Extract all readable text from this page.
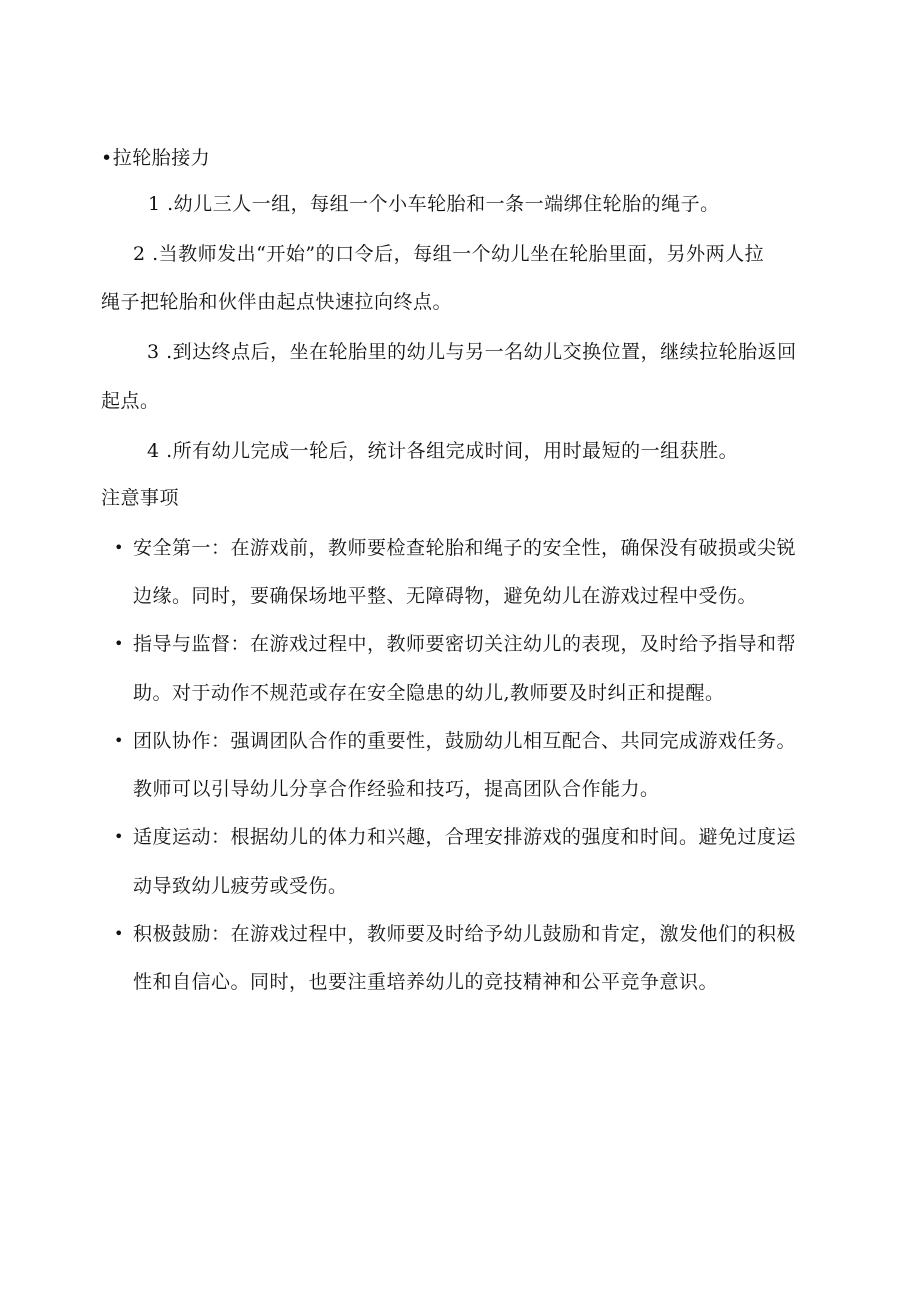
•拉轮胎接力
1 .幼儿三人一组，每组一个小车轮胎和一条一端绑住轮胎的绳子。
2 .当教师发出“开始”的口令后，每组一个幼儿坐在轮胎里面，另外两人拉
绳子把轮胎和伙伴由起点快速拉向终点。
3 .到达终点后，坐在轮胎里的幼儿与另一名幼儿交换位置，继续拉轮胎返回
起点。
4 .所有幼儿完成一轮后，统计各组完成时间，用时最短的一组获胜。
注意事项
• 安全第一：在游戏前，教师要检查轮胎和绳子的安全性，确保没有破损或尖锐
边缘。同时，要确保场地平整、无障碍物，避免幼儿在游戏过程中受伤。
• 指导与监督：在游戏过程中，教师要密切关注幼儿的表现，及时给予指导和帮
助。对于动作不规范或存在安全隐患的幼儿,教师要及时纠正和提醒。
• 团队协作：强调团队合作的重要性，鼓励幼儿相互配合、共同完成游戏任务。
教师可以引导幼儿分享合作经验和技巧，提高团队合作能力。
• 适度运动：根据幼儿的体力和兴趣，合理安排游戏的强度和时间。避免过度运
动导致幼儿疲劳或受伤。
• 积极鼓励：在游戏过程中，教师要及时给予幼儿鼓励和肯定，激发他们的积极
性和自信心。同时，也要注重培养幼儿的竞技精神和公平竞争意识。
